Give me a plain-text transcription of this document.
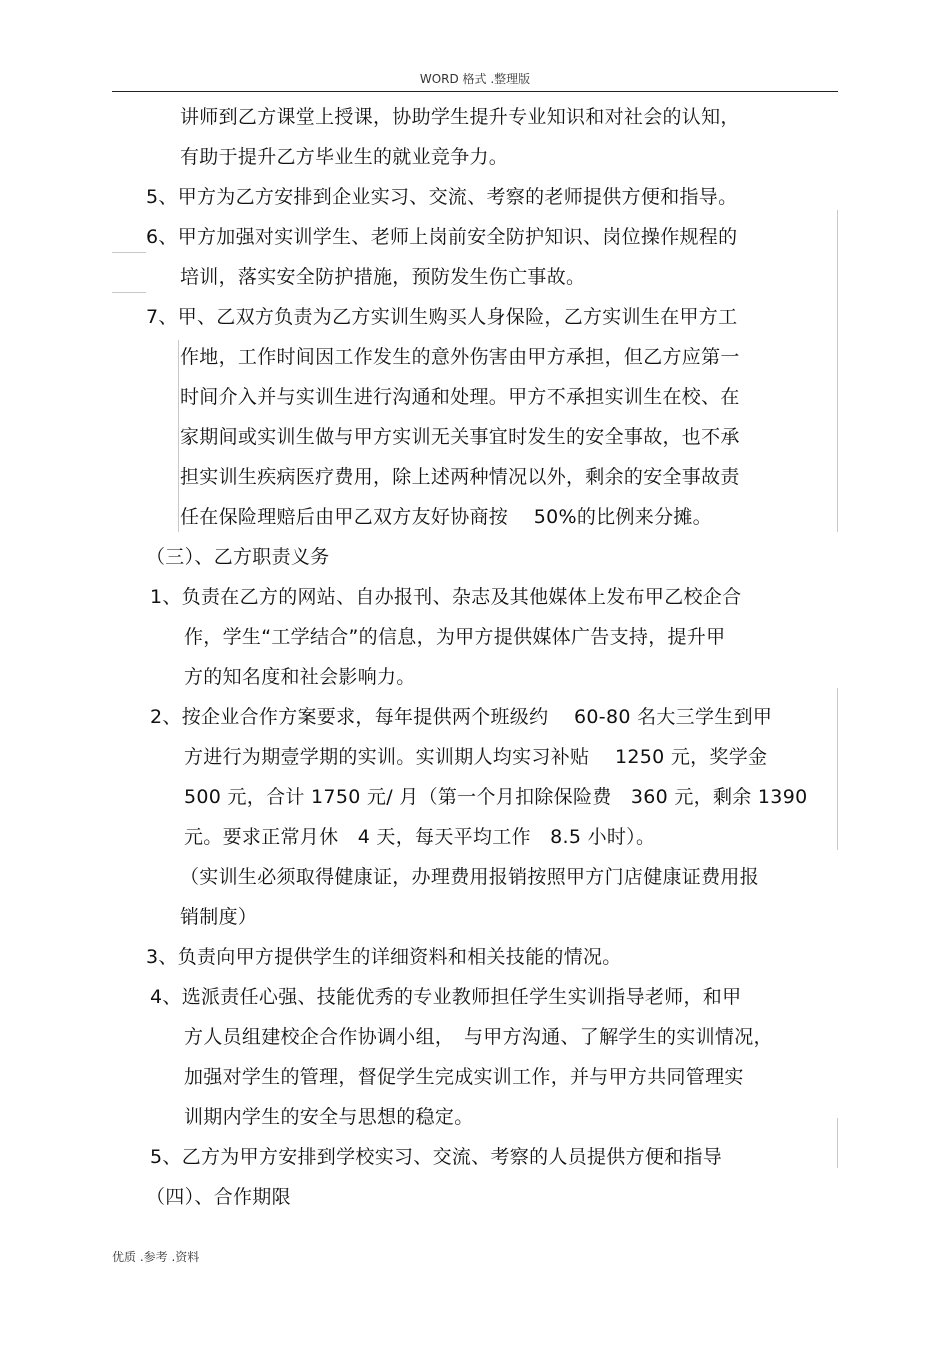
WORD 格式 .整理版
讲师到乙方课堂上授课，协助学生提升专业知识和对社会的认知，
有助于提升乙方毕业生的就业竞争力。
5、甲方为乙方安排到企业实习、交流、考察的老师提供方便和指导。
6、甲方加强对实训学生、老师上岗前安全防护知识、岗位操作规程的
培训，落实安全防护措施，预防发生伤亡事故。
7、甲、乙双方负责为乙方实训生购买人身保险，乙方实训生在甲方工
作地，工作时间因工作发生的意外伤害由甲方承担，但乙方应第一
时间介入并与实训生进行沟通和处理。甲方不承担实训生在校、在
家期间或实训生做与甲方实训无关事宜时发生的安全事故，也不承
担实训生疾病医疗费用，除上述两种情况以外，剩余的安全事故责
任在保险理赔后由甲乙双方友好协商按　 50%的比例来分摊。
（三）、乙方职责义务
1、负责在乙方的网站、自办报刊、杂志及其他媒体上发布甲乙校企合
作，学生“工学结合”的信息，为甲方提供媒体广告支持，提升甲
方的知名度和社会影响力。
2、按企业合作方案要求，每年提供两个班级约　 60-80 名大三学生到甲
方进行为期壹学期的实训。实训期人均实习补贴　 1250 元，奖学金
500 元，合计 1750 元/ 月（第一个月扣除保险费　360 元，剩余 1390
元。要求正常月休　4 天，每天平均工作　8.5 小时）。
（实训生必须取得健康证，办理费用报销按照甲方门店健康证费用报
销制度）
3、负责向甲方提供学生的详细资料和相关技能的情况。
4、选派责任心强、技能优秀的专业教师担任学生实训指导老师，和甲
方人员组建校企合作协调小组，　与甲方沟通、了解学生的实训情况，
加强对学生的管理，督促学生完成实训工作，并与甲方共同管理实
训期内学生的安全与思想的稳定。
5、乙方为甲方安排到学校实习、交流、考察的人员提供方便和指导
（四）、合作期限
优质 .参考 .资料
